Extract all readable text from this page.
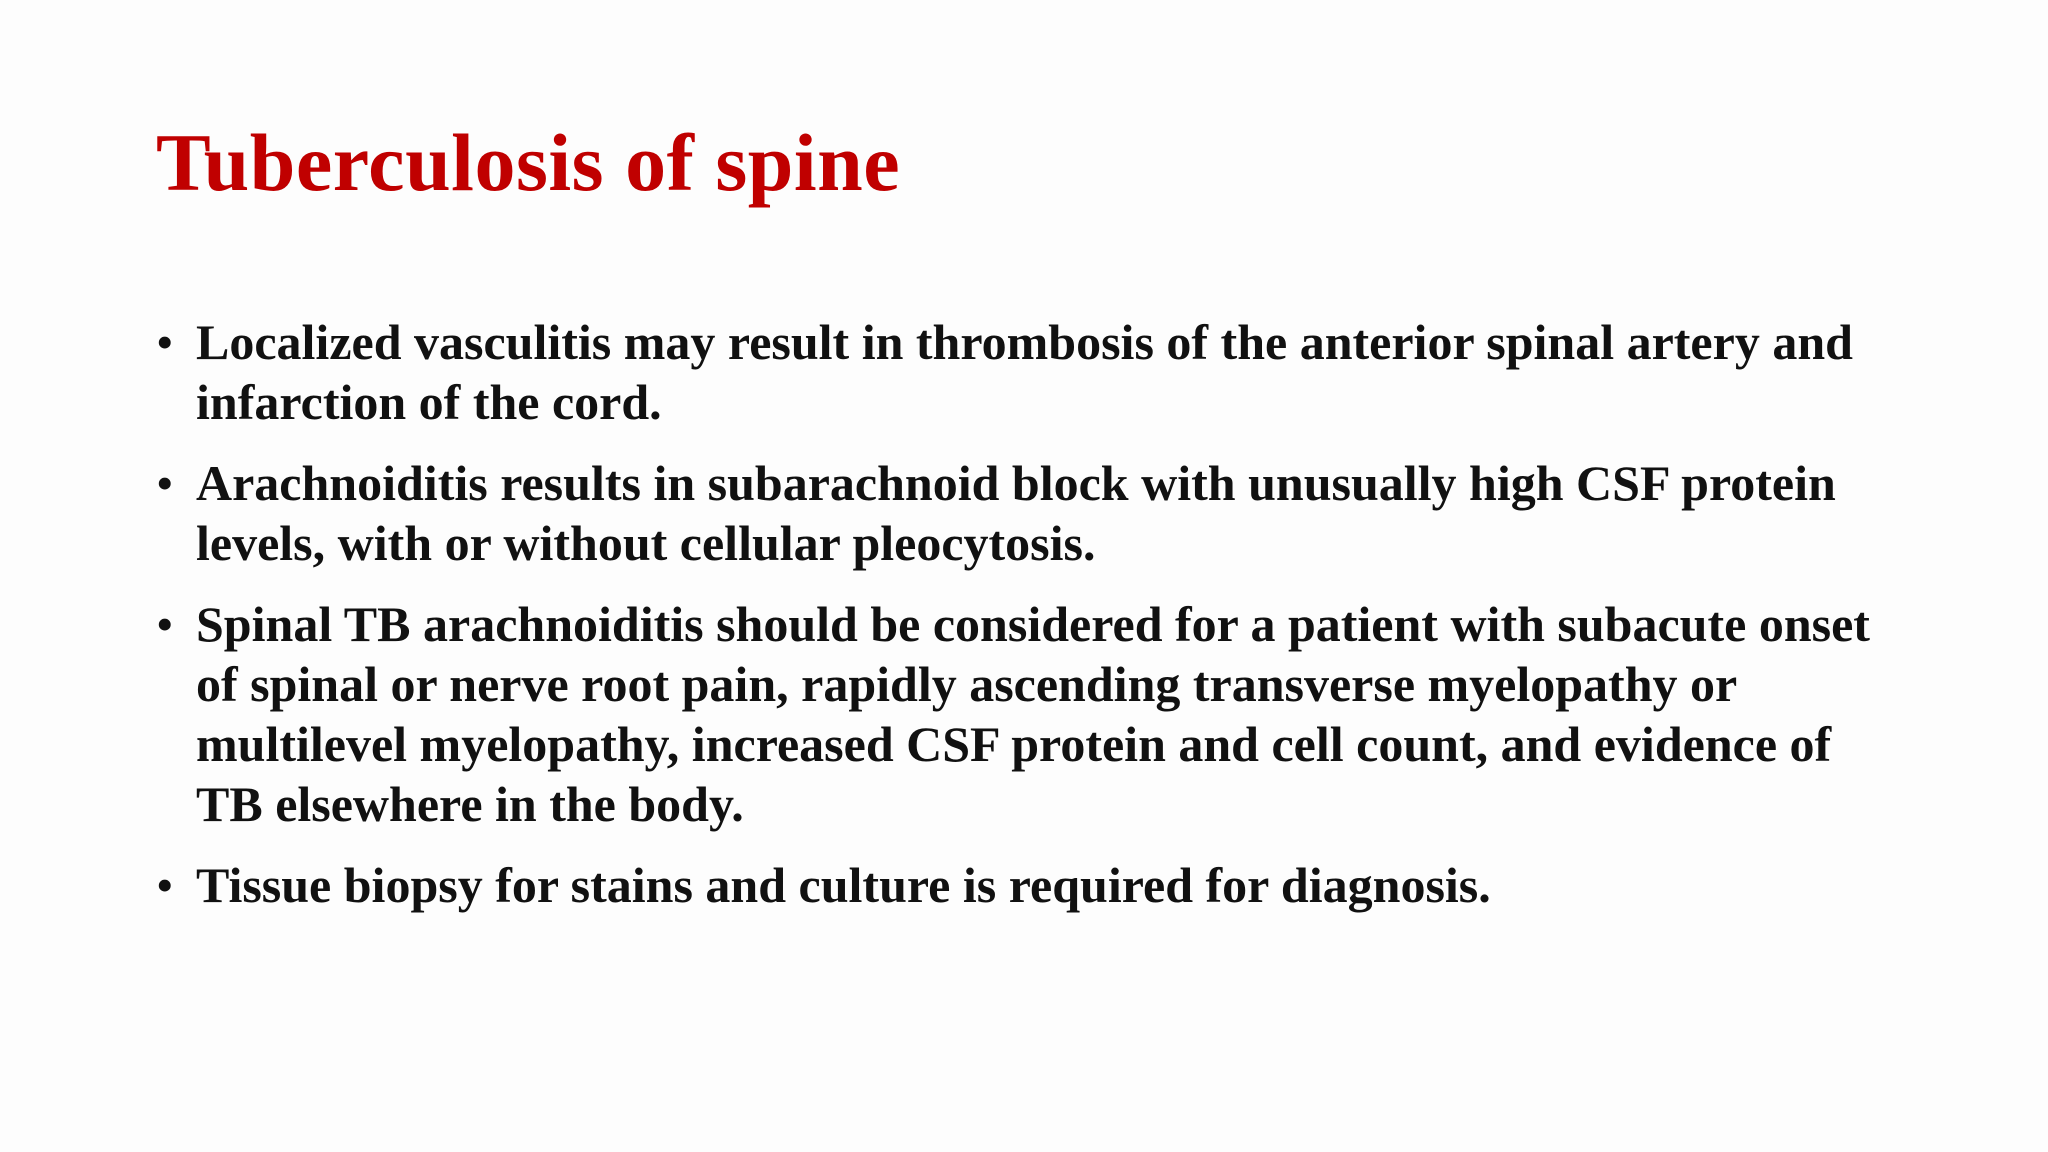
Tuberculosis of spine
• Localized vasculitis may result in thrombosis of the anterior spinal artery and infarction of the cord.
• Arachnoiditis results in subarachnoid block with unusually high CSF protein levels, with or without cellular pleocytosis.
• Spinal TB arachnoiditis should be considered for a patient with subacute onset of spinal or nerve root pain, rapidly ascending transverse myelopathy or multilevel myelopathy, increased CSF protein and cell count, and evidence of TB elsewhere in the body.
• Tissue biopsy for stains and culture is required for diagnosis.
